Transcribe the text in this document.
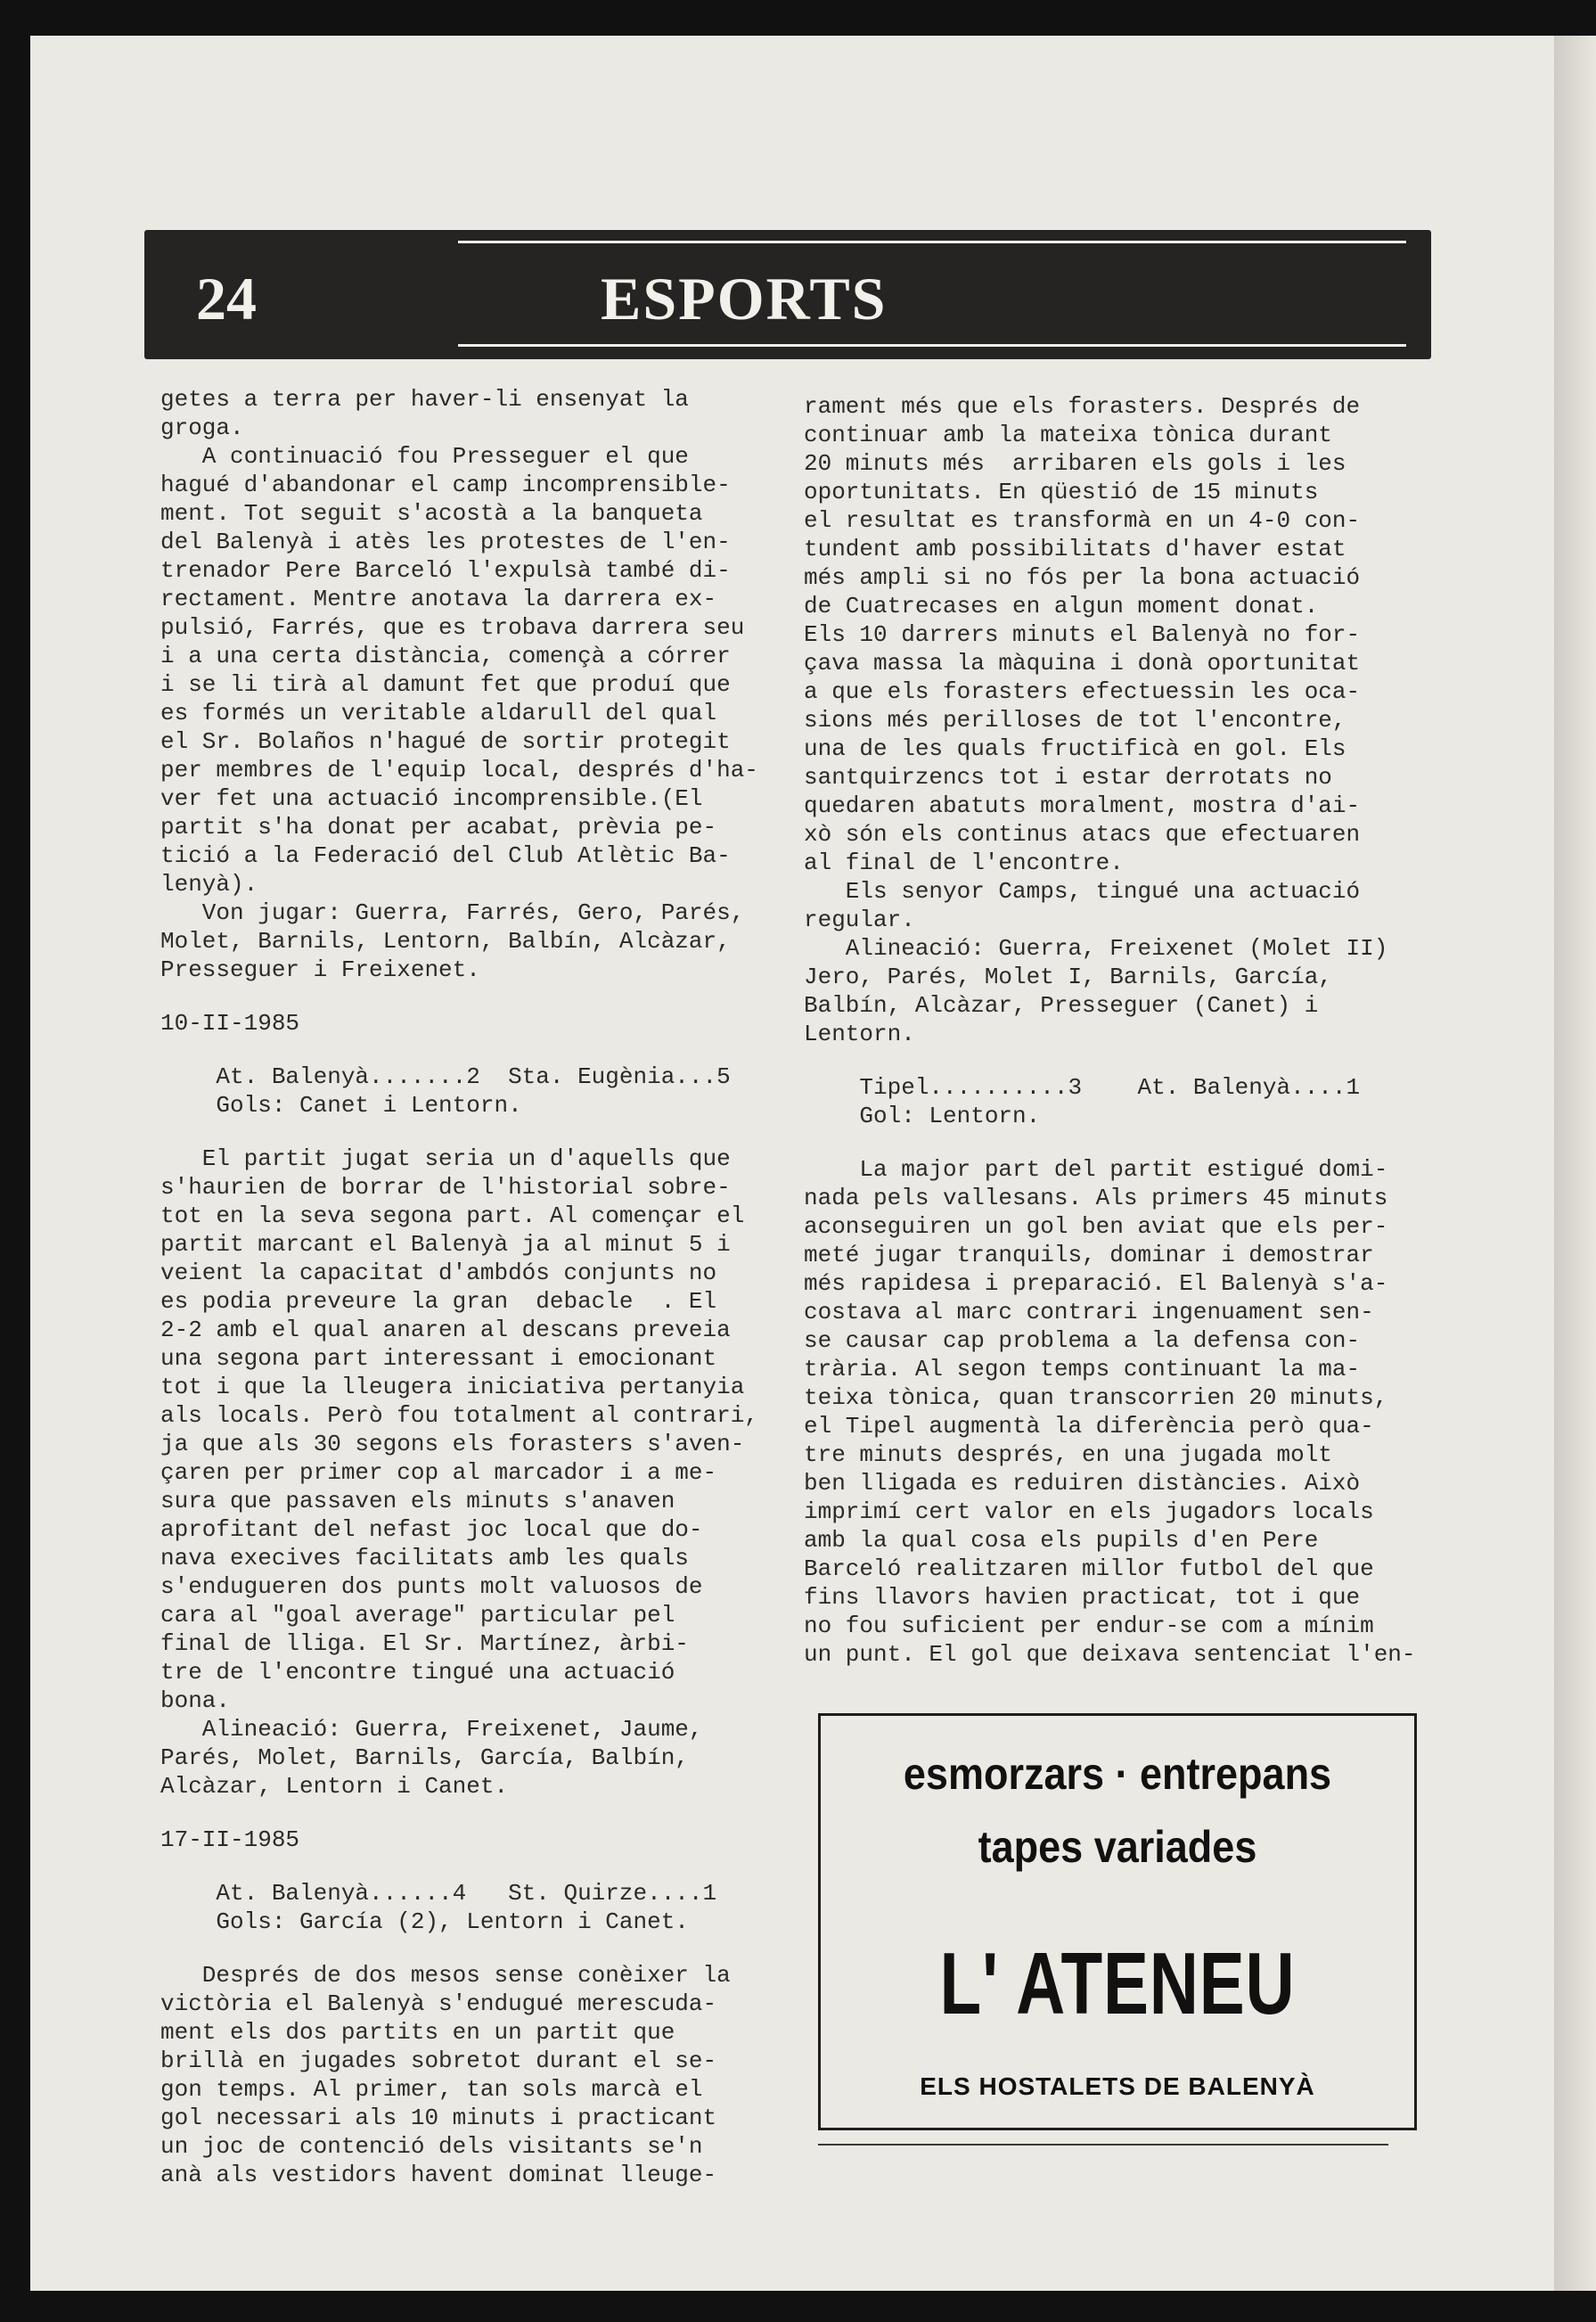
24	ESPORTS

getes a terra per haver-li ensenyat la

groga.

A continuació fou Presseguer el que

hagué d'abandonar el camp incomprensible-

ment. Tot seguit s'acostà a la banqueta

del Balenyà i atès les protestes de l'en-

trenador Pere Barceló l'expulsà també di-

rectament. Mentre anotava la darrera ex-

pulsió, Farrés, que es trobava darrera seu

i a una certa distància, començà a córrer

i se li tirà al damunt fet que produí que

es formés un veritable aldarull del qual

el Sr. Bolaños n'hagué de sortir protegit

per membres de l'equip local, després d'ha-

ver fet una actuació incomprensible.(El

partit s'ha donat per acabat, prèvia pe-

tició a la Federació del Club Atlètic Ba-

lenyà).

Von jugar: Guerra, Farrés, Gero, Parés,

Molet, Barnils, Lentorn, Balbín, Alcàzar,

Presseguer i Freixenet.

10-II-1985

At. Balenyà.......2  Sta. Eugènia...5

Gols: Canet i Lentorn.

El partit jugat seria un d'aquells que

s'haurien de borrar de l'historial sobre-

tot en la seva segona part. Al començar el

partit marcant el Balenyà ja al minut 5 i

veient la capacitat d'ambdós conjunts no

es podia preveure la gran  debacle  . El

2-2 amb el qual anaren al descans preveia

una segona part interessant i emocionant

tot i que la lleugera iniciativa pertanyia

als locals. Però fou totalment al contrari,

ja que als 30 segons els forasters s'aven-

çaren per primer cop al marcador i a me-

sura que passaven els minuts s'anaven

aprofitant del nefast joc local que do-

nava execives facilitats amb les quals

s'endugueren dos punts molt valuosos de

cara al "goal average" particular pel

final de lliga. El Sr. Martínez, àrbi-

tre de l'encontre tingué una actuació

bona.

Alineació: Guerra, Freixenet, Jaume,

Parés, Molet, Barnils, García, Balbín,

Alcàzar, Lentorn i Canet.

17-II-1985

At. Balenyà......4   St. Quirze....1

Gols: García (2), Lentorn i Canet.

Després de dos mesos sense conèixer la

victòria el Balenyà s'endugué merescuda-

ment els dos partits en un partit que

brillà en jugades sobretot durant el se-

gon temps. Al primer, tan sols marcà el

gol necessari als 10 minuts i practicant

un joc de contenció dels visitants se'n

anà als vestidors havent dominat lleuge-

rament més que els forasters. Després de

continuar amb la mateixa tònica durant

20 minuts més  arribaren els gols i les

oportunitats. En qüestió de 15 minuts

el resultat es transformà en un 4-0 con-

tundent amb possibilitats d'haver estat

més ampli si no fós per la bona actuació

de Cuatrecases en algun moment donat.

Els 10 darrers minuts el Balenyà no for-

çava massa la màquina i donà oportunitat

a que els forasters efectuessin les oca-

sions més perilloses de tot l'encontre,

una de les quals fructificà en gol. Els

santquirzencs tot i estar derrotats no

quedaren abatuts moralment, mostra d'ai-

xò són els continus atacs que efectuaren

al final de l'encontre.

Els senyor Camps, tingué una actuació

regular.

Alineació: Guerra, Freixenet (Molet II)

Jero, Parés, Molet I, Barnils, García,

Balbín, Alcàzar, Presseguer (Canet) i

Lentorn.

Tipel..........3    At. Balenyà....1

Gol: Lentorn.

La major part del partit estigué domi-

nada pels vallesans. Als primers 45 minuts

aconseguiren un gol ben aviat que els per-

meté jugar tranquils, dominar i demostrar

més rapidesa i preparació. El Balenyà s'a-

costava al marc contrari ingenuament sen-

se causar cap problema a la defensa con-

trària. Al segon temps continuant la ma-

teixa tònica, quan transcorrien 20 minuts,

el Tipel augmentà la diferència però qua-

tre minuts després, en una jugada molt

ben lligada es reduiren distàncies. Això

imprimí cert valor en els jugadors locals

amb la qual cosa els pupils d'en Pere

Barceló realitzaren millor futbol del que

fins llavors havien practicat, tot i que

no fou suficient per endur-se com a mínim

un punt. El gol que deixava sentenciat l'en-

esmorzars · entrepans
tapes variades
L' ATENEU
ELS HOSTALETS DE BALENYÀ
